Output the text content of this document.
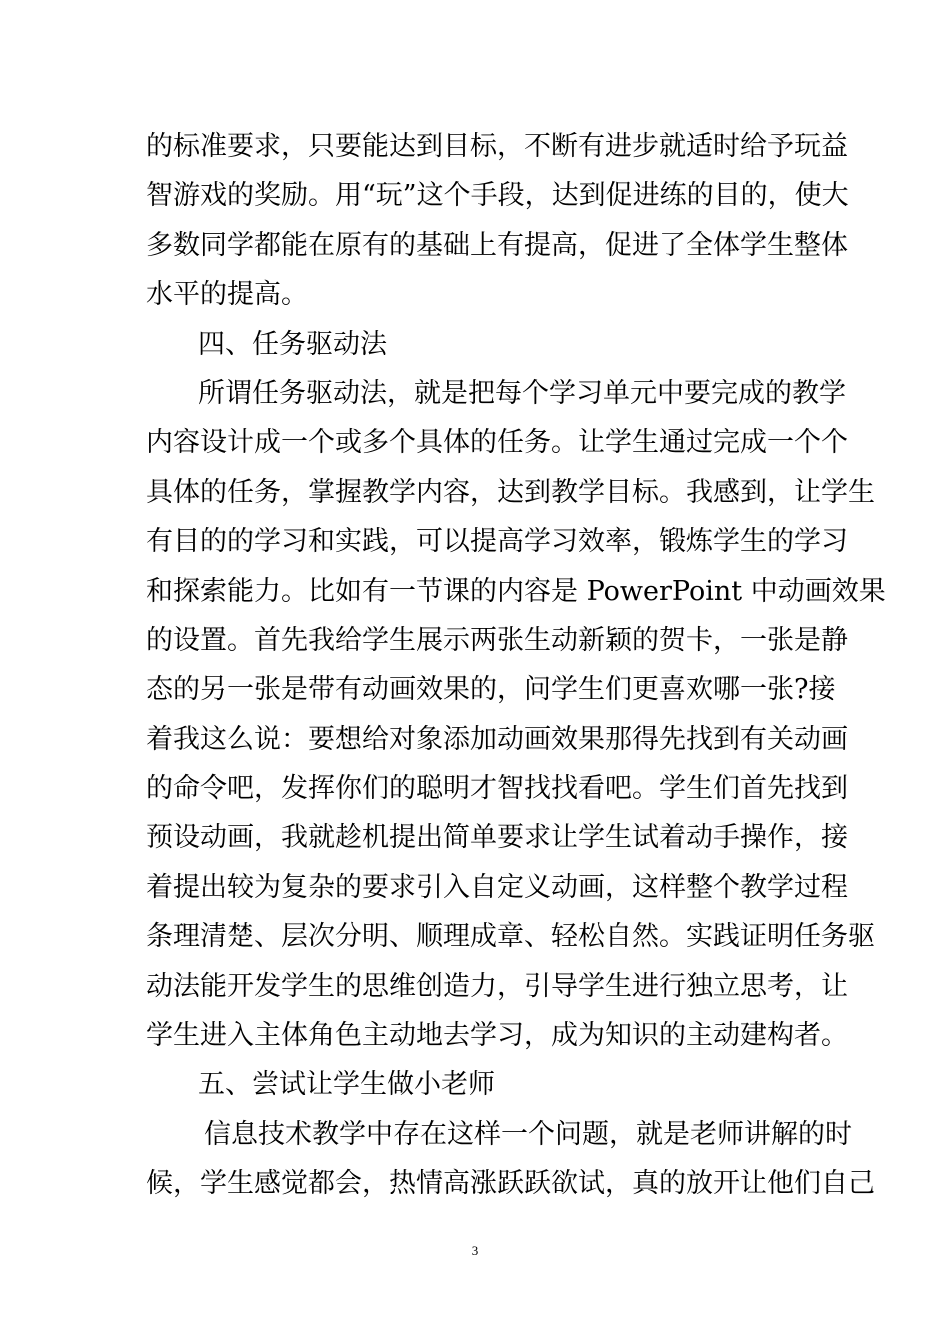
的标准要求，只要能达到目标，不断有进步就适时给予玩益
智游戏的奖励。用“玩”这个手段，达到促进练的目的，使大
多数同学都能在原有的基础上有提高，促进了全体学生整体
水平的提高。
四、任务驱动法
所谓任务驱动法，就是把每个学习单元中要完成的教学
内容设计成一个或多个具体的任务。让学生通过完成一个个
具体的任务，掌握教学内容，达到教学目标。我感到，让学生
有目的的学习和实践，可以提高学习效率，锻炼学生的学习
和探索能力。比如有一节课的内容是 PowerPoint 中动画效果
的设置。首先我给学生展示两张生动新颖的贺卡，一张是静
态的另一张是带有动画效果的，问学生们更喜欢哪一张?接
着我这么说：要想给对象添加动画效果那得先找到有关动画
的命令吧，发挥你们的聪明才智找找看吧。学生们首先找到
预设动画，我就趁机提出简单要求让学生试着动手操作，接
着提出较为复杂的要求引入自定义动画，这样整个教学过程
条理清楚、层次分明、顺理成章、轻松自然。实践证明任务驱
动法能开发学生的思维创造力，引导学生进行独立思考，让
学生进入主体角色主动地去学习，成为知识的主动建构者。
五、尝试让学生做小老师
信息技术教学中存在这样一个问题，就是老师讲解的时
候，学生感觉都会，热情高涨跃跃欲试，真的放开让他们自己
3
